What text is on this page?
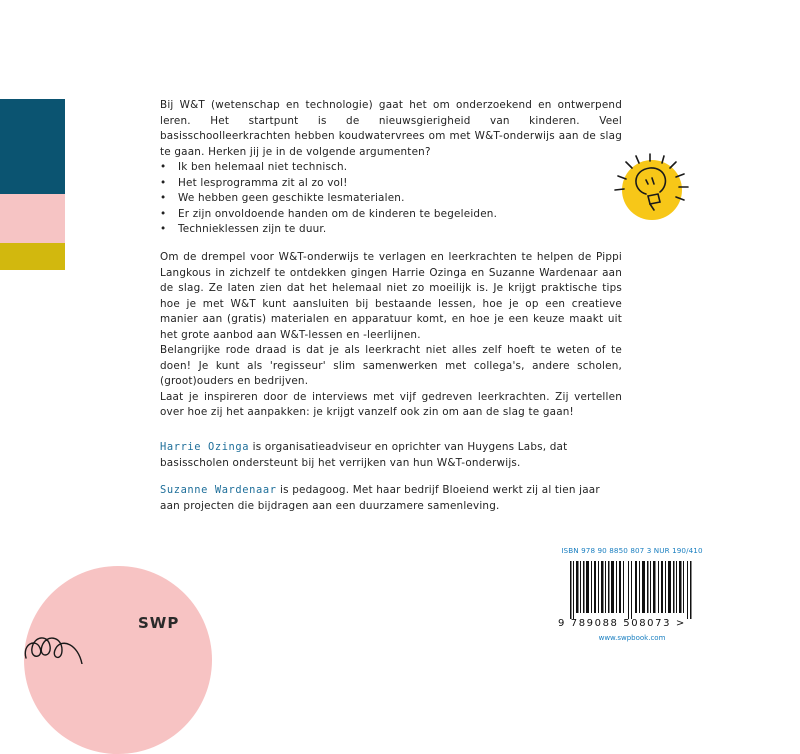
Bij W&T (wetenschap en technologie) gaat het om onderzoekend en ontwerpend leren. Het startpunt is de nieuwsgierigheid van kinderen. Veel basisschoolleerkrachten hebben koudwatervrees om met W&T-onderwijs aan de slag te gaan. Herken jij je in de volgende argumenten?

• Ik ben helemaal niet technisch.
• Het lesprogramma zit al zo vol!
• We hebben geen geschikte lesmaterialen.
• Er zijn onvoldoende handen om de kinderen te begeleiden.
• Technieklessen zijn te duur.

Om de drempel voor W&T-onderwijs te verlagen en leerkrachten te helpen de Pippi Langkous in zichzelf te ontdekken gingen Harrie Ozinga en Suzanne Wardenaar aan de slag. Ze laten zien dat het helemaal niet zo moeilijk is. Je krijgt praktische tips hoe je met W&T kunt aansluiten bij bestaande lessen, hoe je op een creatieve manier aan (gratis) materialen en apparatuur komt, en hoe je een keuze maakt uit het grote aanbod aan W&T-lessen en -leerlijnen.

Belangrijke rode draad is dat je als leerkracht niet alles zelf hoeft te weten of te doen! Je kunt als 'regisseur' slim samenwerken met collega's, andere scholen, (groot)ouders en bedrijven.

Laat je inspireren door de interviews met vijf gedreven leerkrachten. Zij vertellen over hoe zij het aanpakken: je krijgt vanzelf ook zin om aan de slag te gaan!

Harrie Ozinga is organisatieadviseur en oprichter van Huygens Labs, dat basisscholen ondersteunt bij het verrijken van hun W&T-onderwijs.

Suzanne Wardenaar is pedagoog. Met haar bedrijf Bloeiend werkt zij al tien jaar aan projecten die bijdragen aan een duurzamere samenleving.

ISBN 978 90 8850 807 3 NUR 190/410
9 789088 508073 >
www.swpbook.com
SWP
